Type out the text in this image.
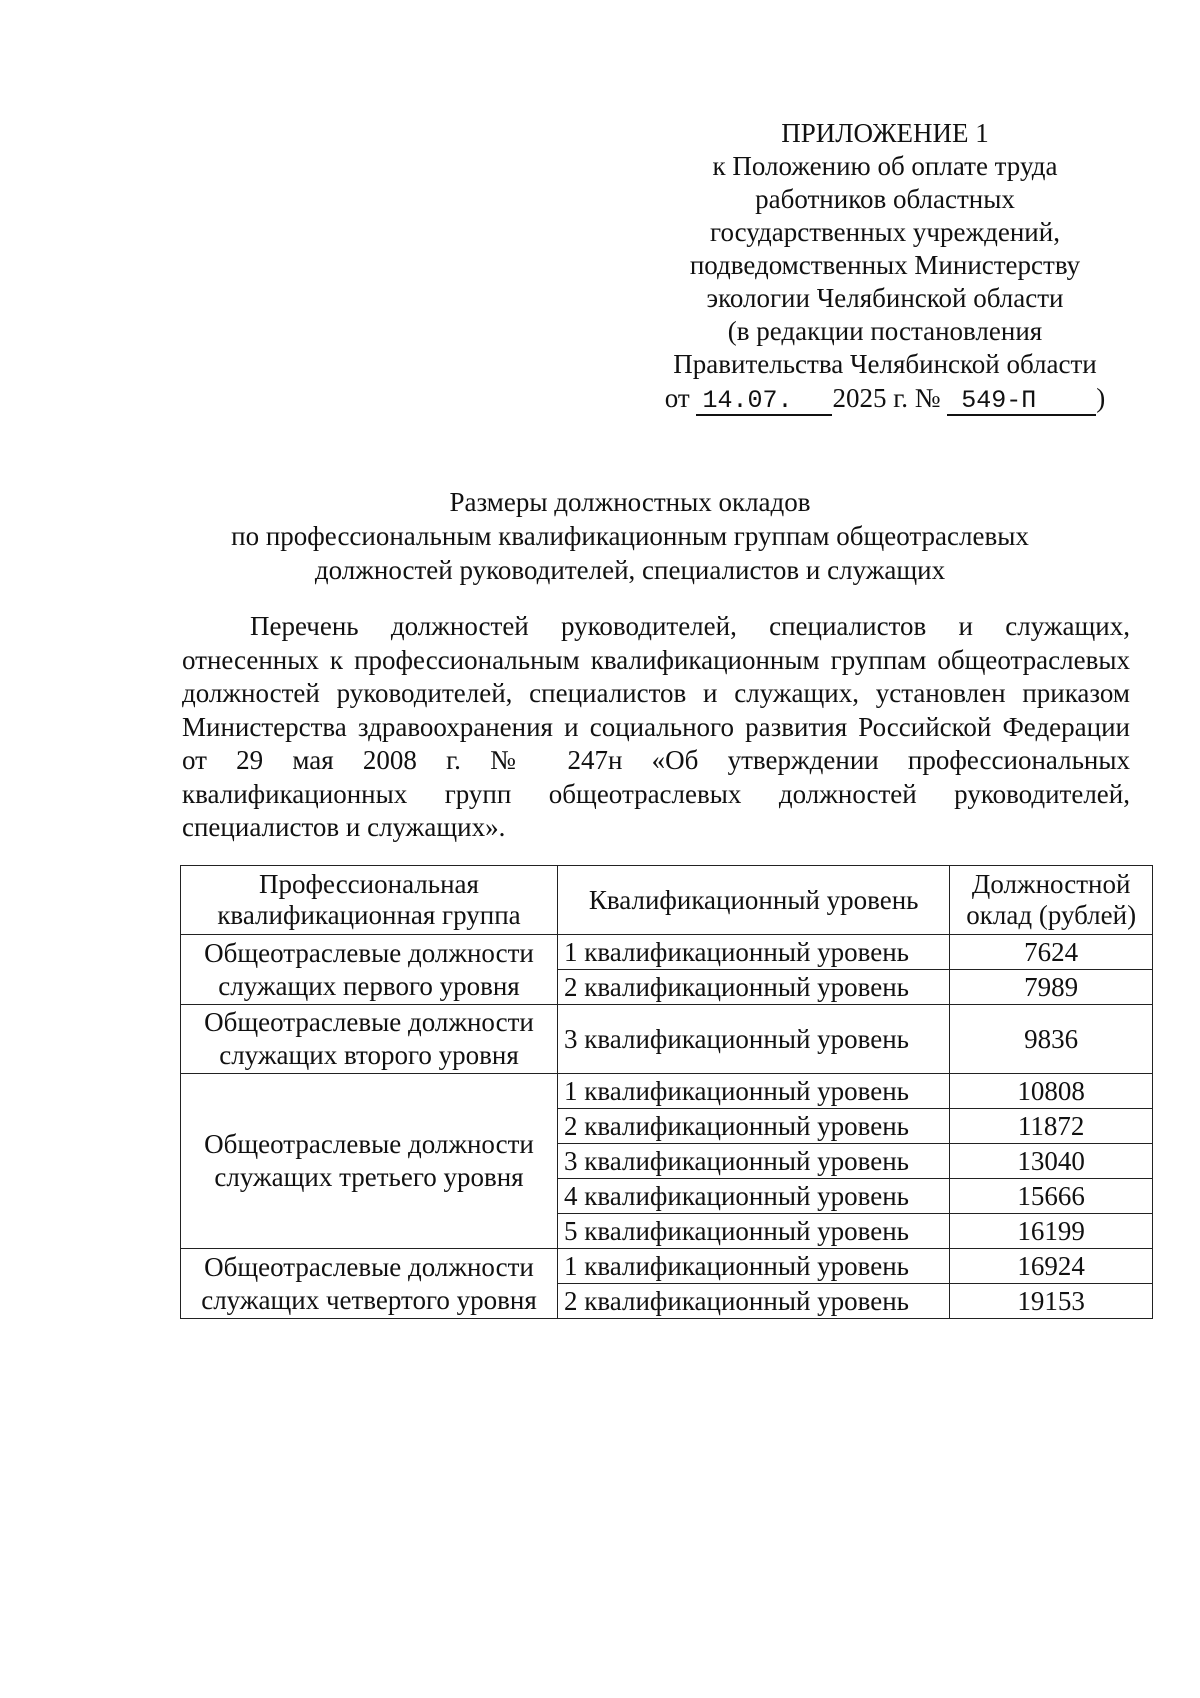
ПРИЛОЖЕНИЕ 1
к Положению об оплате труда
работников областных
государственных учреждений,
подведомственных Министерству
экологии Челябинской области
(в редакции постановления
Правительства Челябинской области
от 14.07. 2025 г. № 549-П )
Размеры должностных окладов
по профессиональным квалификационным группам общеотраслевых
должностей руководителей, специалистов и служащих

Перечень должностей руководителей, специалистов и служащих, отнесенных к профессиональным квалификационным группам общеотраслевых должностей руководителей, специалистов и служащих, установлен приказом Министерства здравоохранения и социального развития Российской Федерации от 29 мая 2008 г. № 247н «Об утверждении профессиональных квалификационных групп общеотраслевых должностей руководителей, специалистов и служащих».

Профессиональная квалификационная группа	Квалификационный уровень	Должностной оклад (рублей)
Общеотраслевые должности служащих первого уровня	1 квалификационный уровень	7624
	2 квалификационный уровень	7989
Общеотраслевые должности служащих второго уровня	3 квалификационный уровень	9836
Общеотраслевые должности служащих третьего уровня	1 квалификационный уровень	10808
	2 квалификационный уровень	11872
	3 квалификационный уровень	13040
	4 квалификационный уровень	15666
	5 квалификационный уровень	16199
Общеотраслевые должности служащих четвертого уровня	1 квалификационный уровень	16924
	2 квалификационный уровень	19153
